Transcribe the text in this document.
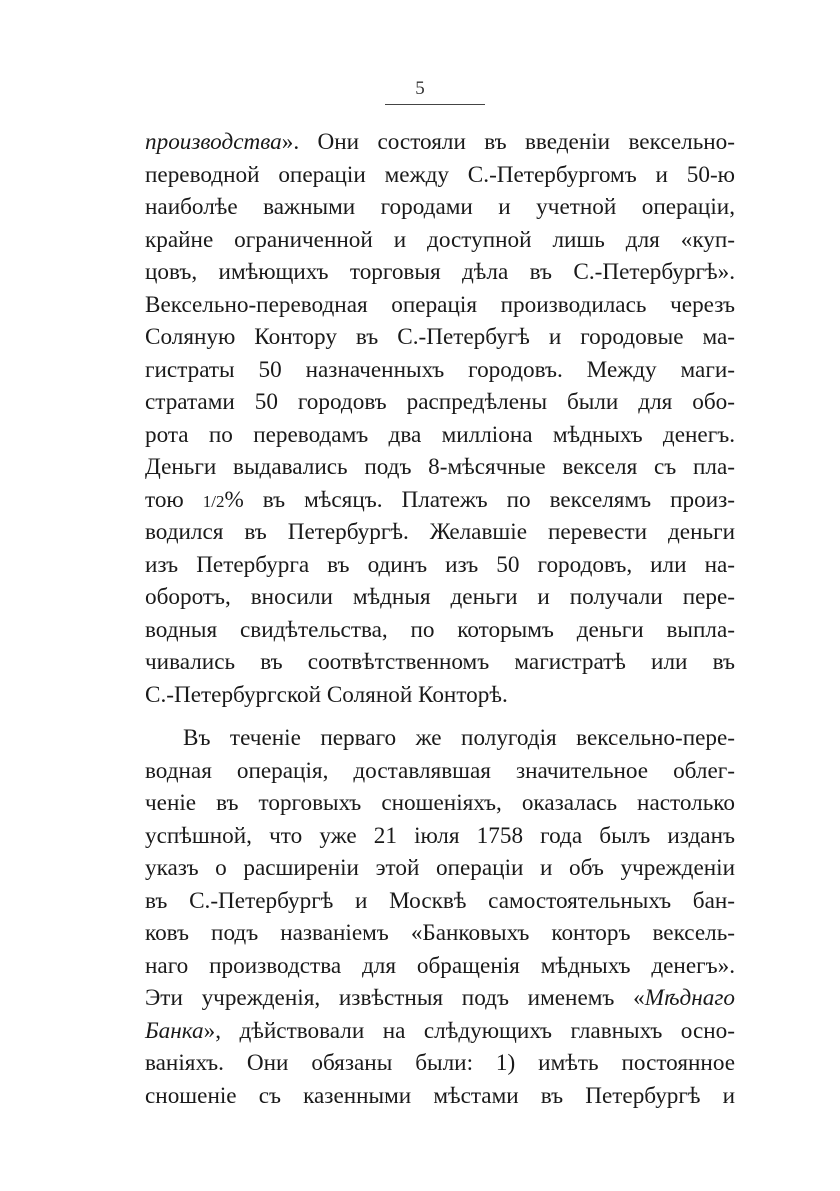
5
производства». Они состояли въ введеніи вексельно-
переводной операціи между С.-Петербургомъ и 50-ю
наиболѣе важными городами и учетной операціи,
крайне ограниченной и доступной лишь для «куп-
цовъ, имѣющихъ торговыя дѣла въ С.-Петербургѣ».
Вексельно-переводная операція производилась черезъ
Соляную Контору въ С.-Петербугѣ и городовые ма-
гистраты 50 назначенныхъ городовъ. Между маги-
стратами 50 городовъ распредѣлены были для обо-
рота по переводамъ два милліона мѣдныхъ денегъ.
Деньги выдавались подъ 8-мѣсячные векселя съ пла-
тою 1/2% въ мѣсяцъ. Платежъ по векселямъ произ-
водился въ Петербургѣ. Желавшіе перевести деньги
изъ Петербурга въ одинъ изъ 50 городовъ, или на-
оборотъ, вносили мѣдныя деньги и получали пере-
водныя свидѣтельства, по которымъ деньги выпла-
чивались въ соотвѣтственномъ магистратѣ или въ
С.-Петербургской Соляной Конторѣ.
Въ теченіе перваго же полугодія вексельно-пере-
водная операція, доставлявшая значительное облег-
ченіе въ торговыхъ сношеніяхъ, оказалась настолько
успѣшной, что уже 21 іюля 1758 года былъ изданъ
указъ о расширеніи этой операціи и объ учрежденіи
въ С.-Петербургѣ и Москвѣ самостоятельныхъ бан-
ковъ подъ названіемъ «Банковыхъ конторъ вексель-
наго производства для обращенія мѣдныхъ денегъ».
Эти учрежденія, извѣстныя подъ именемъ «Мѣднаго
Банка», дѣйствовали на слѣдующихъ главныхъ осно-
ваніяхъ. Они обязаны были: 1) имѣть постоянное
сношеніе съ казенными мѣстами въ Петербургѣ и
